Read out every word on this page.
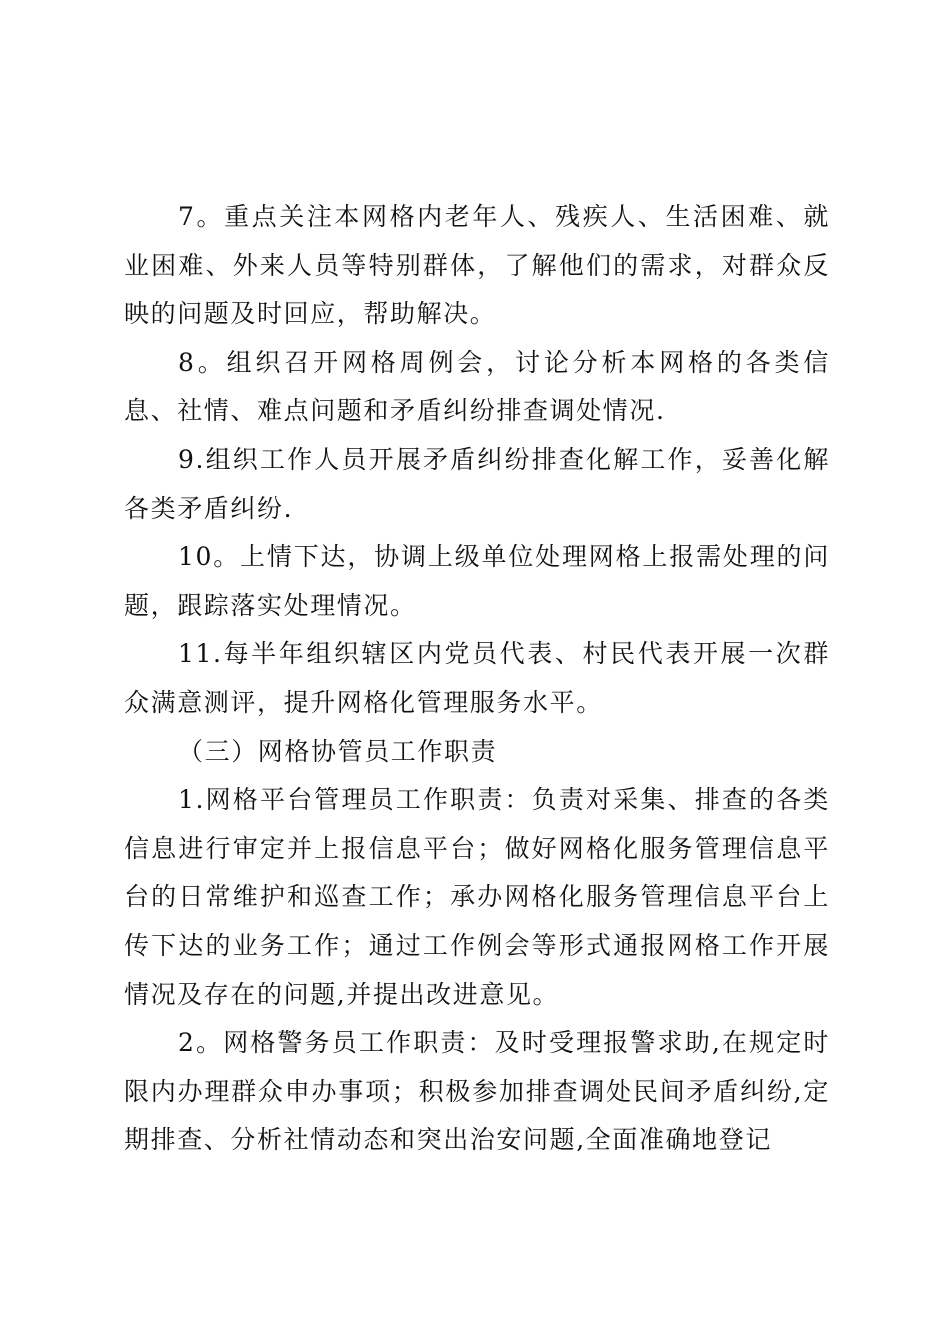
7。重点关注本网格内老年人、残疾人、生活困难、就业困难、外来人员等特别群体，了解他们的需求，对群众反映的问题及时回应，帮助解决。

8。组织召开网格周例会，讨论分析本网格的各类信息、社情、难点问题和矛盾纠纷排查调处情况.

9.组织工作人员开展矛盾纠纷排查化解工作，妥善化解各类矛盾纠纷.

10。上情下达，协调上级单位处理网格上报需处理的问题，跟踪落实处理情况。

11.每半年组织辖区内党员代表、村民代表开展一次群众满意测评，提升网格化管理服务水平。

（三）网格协管员工作职责

1.网格平台管理员工作职责：负责对采集、排查的各类信息进行审定并上报信息平台；做好网格化服务管理信息平台的日常维护和巡查工作；承办网格化服务管理信息平台上传下达的业务工作；通过工作例会等形式通报网格工作开展情况及存在的问题,并提出改进意见。

2。网格警务员工作职责：及时受理报警求助,在规定时限内办理群众申办事项；积极参加排查调处民间矛盾纠纷,定期排查、分析社情动态和突出治安问题,全面准确地登记
